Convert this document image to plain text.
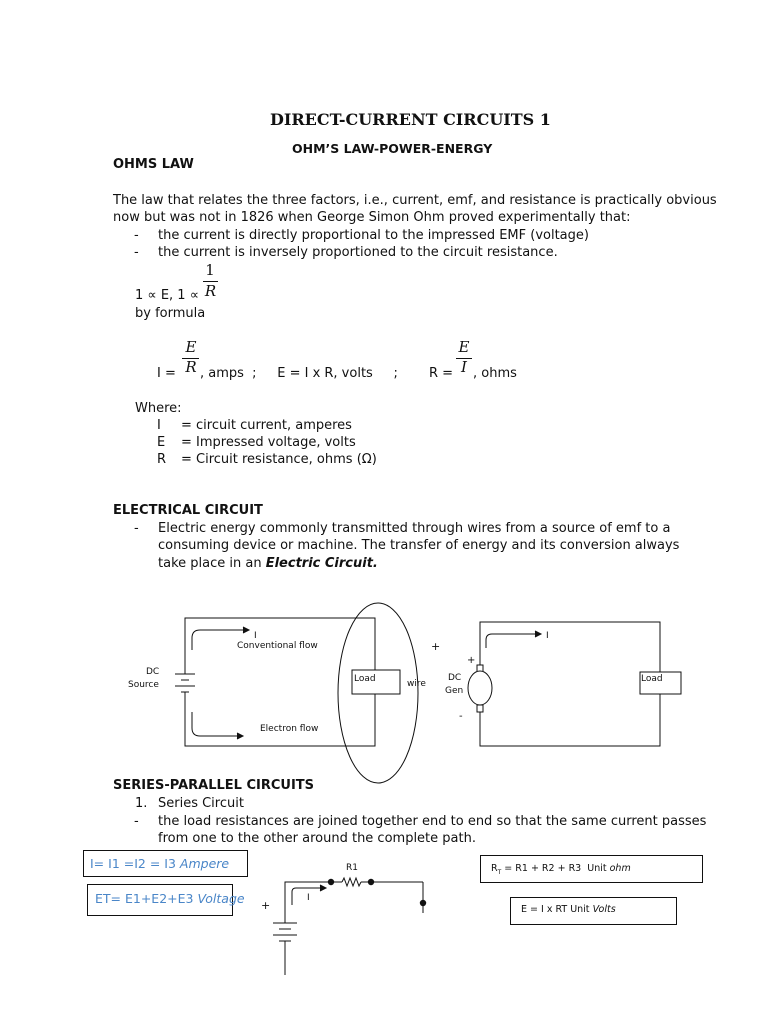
DIRECT-CURRENT CIRCUITS 1
OHM’S LAW-POWER-ENERGY
OHMS LAW
The law that relates the three factors, i.e., current, emf, and resistance is practically obvious
now but was not in 1826 when George Simon Ohm proved experimentally that:
- the current is directly proportional to the impressed EMF (voltage)
- the current is inversely proportioned to the circuit resistance.
1 ∝ E, 1 ∝
1
R
by formula
I =
E
R , amps  ;     E = I x R, volts     ; R =
E
I , ohms
Where:
I = circuit current, amperes
E = Impressed voltage, volts
R = Circuit resistance, ohms (Ω)
ELECTRICAL CIRCUIT
- Electric energy commonly transmitted through wires from a source of emf to a
consuming device or machine. The transfer of energy and its conversion always
take place in an Electric Circuit.
I
Conventional flow
DC
Source
Load	wire
Electron flow
+
+
DC
Gen
-
I
Load
SERIES-PARALLEL CIRCUITS
1. Series Circuit
- the load resistances are joined together end to end so that the same current passes
from one to the other around the complete path.
I= I1 =I2 = I3 Ampere
ET= E1+E2+E3 Voltage
$R_T = R1 + R2 + R3$  Unit ohm
E = I x RT Unit Volts
R1
+
I
